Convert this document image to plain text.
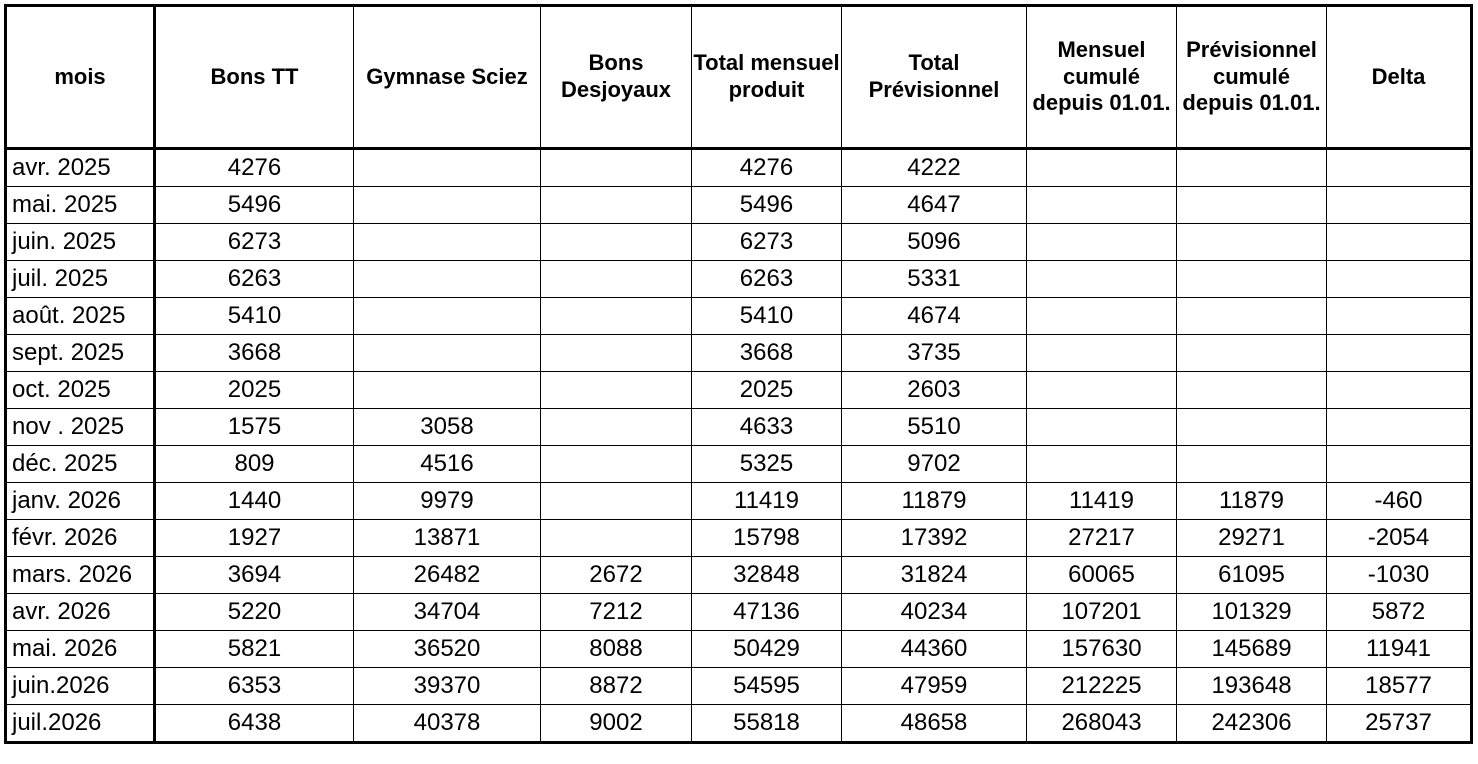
mois	Bons TT	Gymnase Sciez	Bons Desjoyaux	Total mensuel produit	Total Prévisionnel	Mensuel cumulé depuis 01.01.	Prévisionnel cumulé depuis 01.01.	Delta
avr. 2025	4276			4276	4222			
mai. 2025	5496			5496	4647			
juin. 2025	6273			6273	5096			
juil. 2025	6263			6263	5331			
août. 2025	5410			5410	4674			
sept. 2025	3668			3668	3735			
oct. 2025	2025			2025	2603			
nov . 2025	1575	3058		4633	5510			
déc. 2025	809	4516		5325	9702			
janv. 2026	1440	9979		11419	11879	11419	11879	-460
févr. 2026	1927	13871		15798	17392	27217	29271	-2054
mars. 2026	3694	26482	2672	32848	31824	60065	61095	-1030
avr. 2026	5220	34704	7212	47136	40234	107201	101329	5872
mai. 2026	5821	36520	8088	50429	44360	157630	145689	11941
juin.2026	6353	39370	8872	54595	47959	212225	193648	18577
juil.2026	6438	40378	9002	55818	48658	268043	242306	25737
